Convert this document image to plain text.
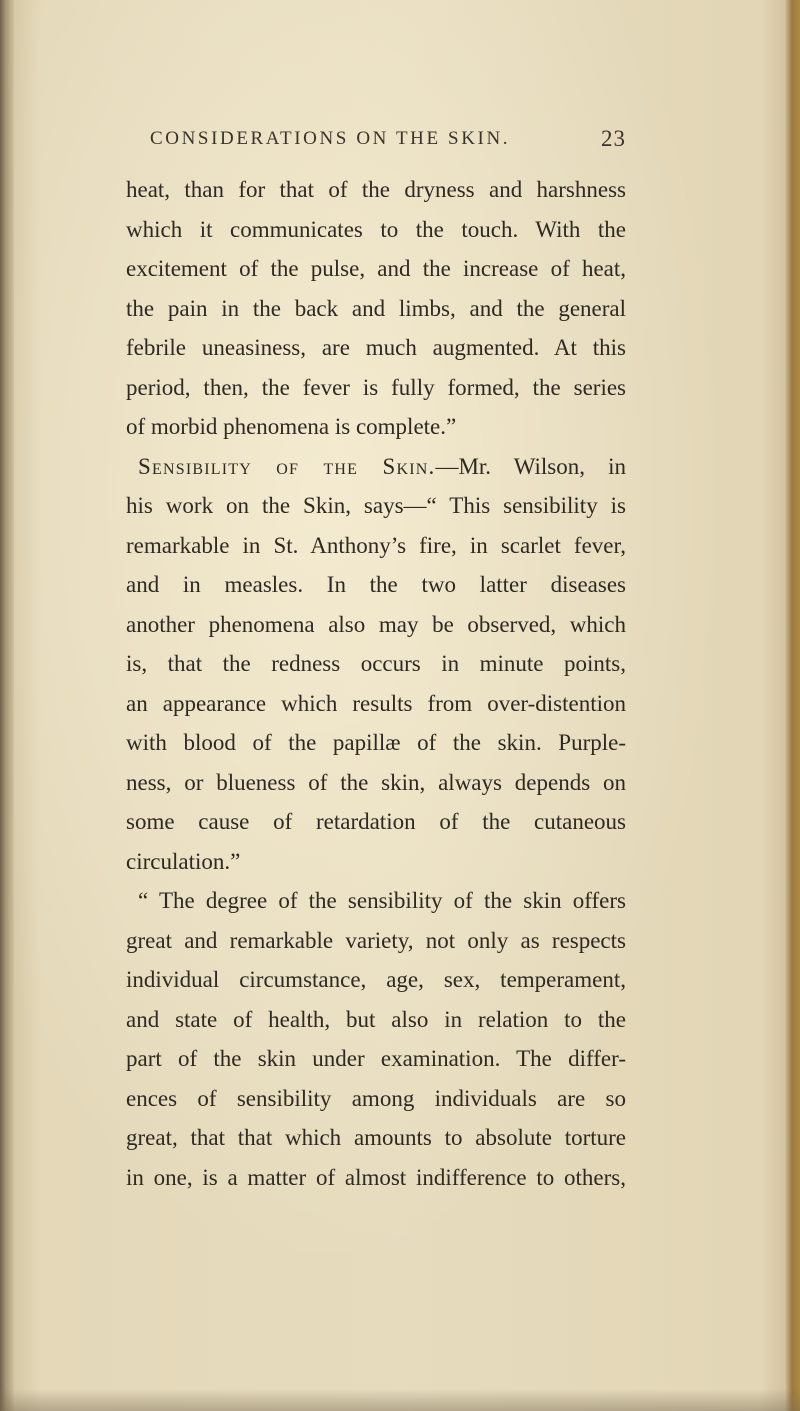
CONSIDERATIONS ON THE SKIN.	23
heat, than for that of the dryness and harshness
which it communicates to the touch. With the
excitement of the pulse, and the increase of heat,
the pain in the back and limbs, and the general
febrile uneasiness, are much augmented. At this
period, then, the fever is fully formed, the series
of morbid phenomena is complete.”
Sensibility of the Skin.—Mr. Wilson, in
his work on the Skin, says—“ This sensibility is
remarkable in St. Anthony’s fire, in scarlet fever,
and in measles. In the two latter diseases
another phenomena also may be observed, which
is, that the redness occurs in minute points,
an appearance which results from over-distention
with blood of the papillæ of the skin. Purple-
ness, or blueness of the skin, always depends on
some cause of retardation of the cutaneous
circulation.”
“ The degree of the sensibility of the skin offers
great and remarkable variety, not only as respects
individual circumstance, age, sex, temperament,
and state of health, but also in relation to the
part of the skin under examination. The differ-
ences of sensibility among individuals are so
great, that that which amounts to absolute torture
in one, is a matter of almost indifference to others,
